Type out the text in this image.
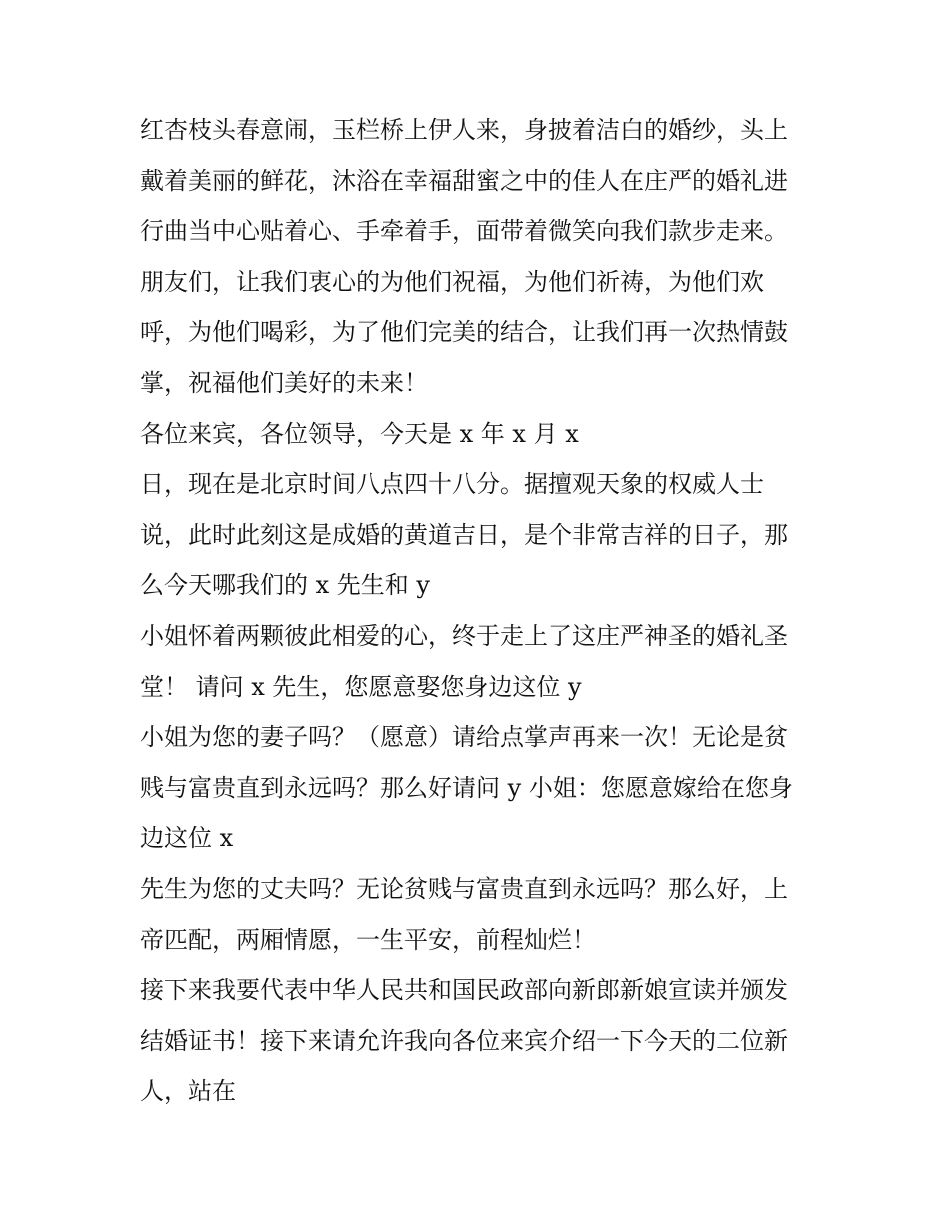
红杏枝头春意闹，玉栏桥上伊人来，身披着洁白的婚纱，头上
戴着美丽的鲜花，沐浴在幸福甜蜜之中的佳人在庄严的婚礼进
行曲当中心贴着心、手牵着手，面带着微笑向我们款步走来。
朋友们，让我们衷心的为他们祝福，为他们祈祷，为他们欢
呼，为他们喝彩，为了他们完美的结合，让我们再一次热情鼓
掌，祝福他们美好的未来！
各位来宾，各位领导，今天是 x 年 x 月 x
日，现在是北京时间八点四十八分。据擅观天象的权威人士
说，此时此刻这是成婚的黄道吉日，是个非常吉祥的日子，那
么今天哪我们的 x 先生和 y
小姐怀着两颗彼此相爱的心，终于走上了这庄严神圣的婚礼圣
堂！ 请问 x 先生，您愿意娶您身边这位 y
小姐为您的妻子吗？（愿意）请给点掌声再来一次！无论是贫
贱与富贵直到永远吗？那么好请问 y 小姐：您愿意嫁给在您身
边这位 x
先生为您的丈夫吗？无论贫贱与富贵直到永远吗？那么好，上
帝匹配，两厢情愿，一生平安，前程灿烂！
接下来我要代表中华人民共和国民政部向新郎新娘宣读并颁发
结婚证书！接下来请允许我向各位来宾介绍一下今天的二位新
人，站在
